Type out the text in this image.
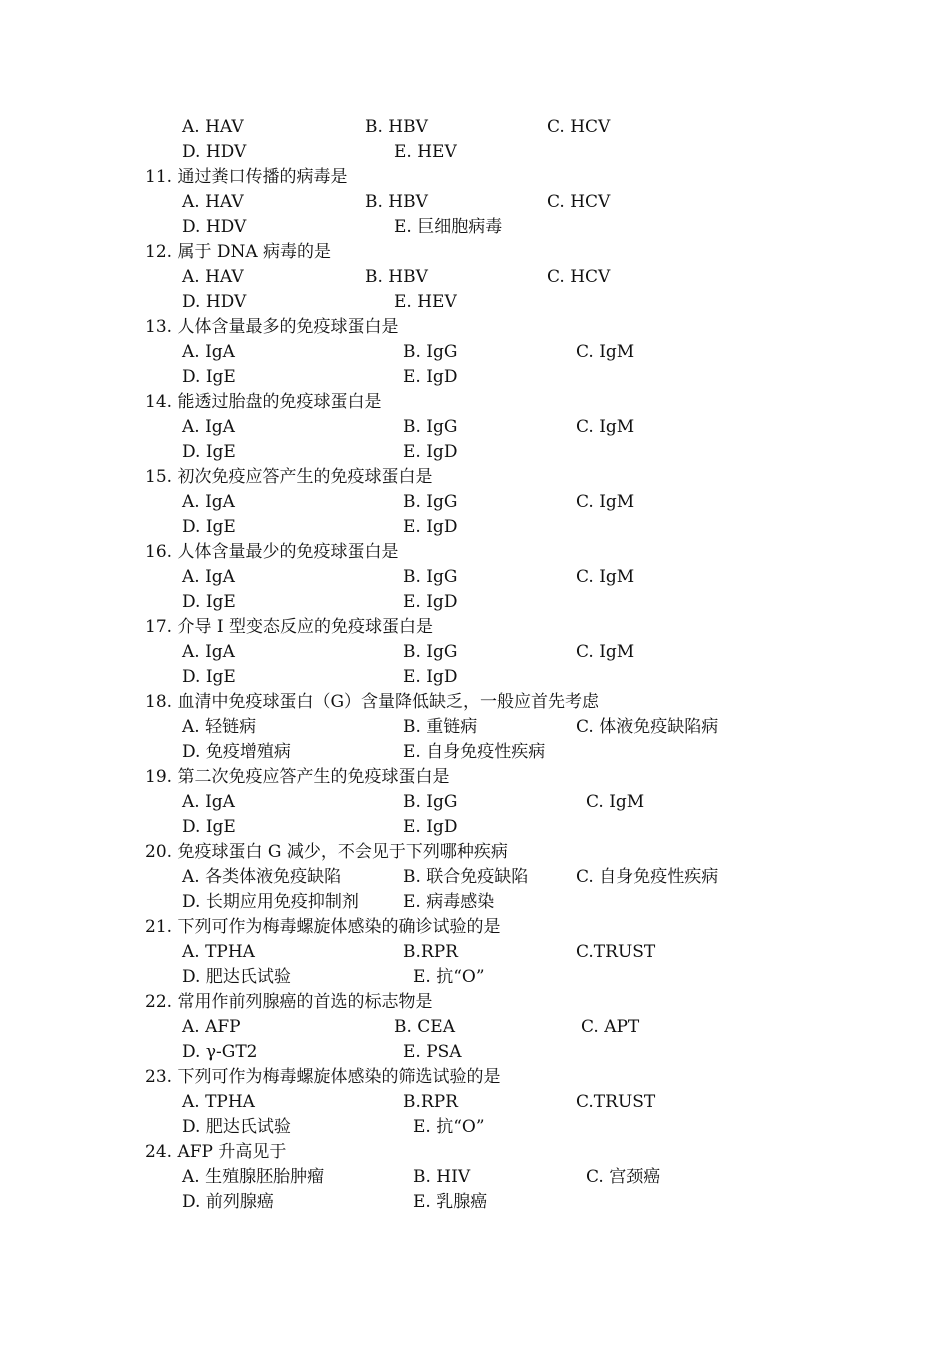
A. HAV	B. HBV	C. HCV
D. HDV	E. HEV
11. 通过粪口传播的病毒是
A. HAV	B. HBV	C. HCV
D. HDV	E. 巨细胞病毒
12. 属于 DNA 病毒的是
A. HAV	B. HBV	C. HCV
D. HDV	E. HEV
13. 人体含量最多的免疫球蛋白是
A. IgA	B. IgG	C. IgM
D. IgE	E. IgD
14. 能透过胎盘的免疫球蛋白是
A. IgA	B. IgG	C. IgM
D. IgE	E. IgD
15. 初次免疫应答产生的免疫球蛋白是
A. IgA	B. IgG	C. IgM
D. IgE	E. IgD
16. 人体含量最少的免疫球蛋白是
A. IgA	B. IgG	C. IgM
D. IgE	E. IgD
17. 介导 I 型变态反应的免疫球蛋白是
A. IgA	B. IgG	C. IgM
D. IgE	E. IgD
18. 血清中免疫球蛋白（G）含量降低缺乏，一般应首先考虑
A. 轻链病	B. 重链病	C. 体液免疫缺陷病
D. 免疫增殖病	E. 自身免疫性疾病
19. 第二次免疫应答产生的免疫球蛋白是
A. IgA	B. IgG	C. IgM
D. IgE	E. IgD
20. 免疫球蛋白 G 减少，不会见于下列哪种疾病
A. 各类体液免疫缺陷	B. 联合免疫缺陷	C. 自身免疫性疾病
D. 长期应用免疫抑制剂	E. 病毒感染
21. 下列可作为梅毒螺旋体感染的确诊试验的是
A. TPHA	B.RPR	C.TRUST
D. 肥达氏试验	E. 抗“O”
22. 常用作前列腺癌的首选的标志物是
A. AFP	B. CEA	C. APT
D. γ-GT2	E. PSA
23. 下列可作为梅毒螺旋体感染的筛选试验的是
A. TPHA	B.RPR	C.TRUST
D. 肥达氏试验	E. 抗“O”
24. AFP 升高见于
A. 生殖腺胚胎肿瘤	B. HIV	C. 宫颈癌
D. 前列腺癌	E. 乳腺癌
